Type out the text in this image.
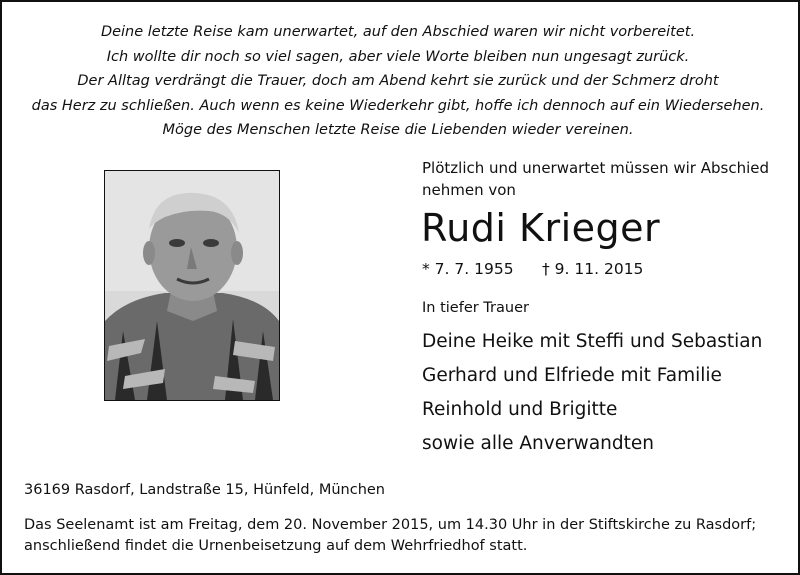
Deine letzte Reise kam unerwartet, auf den Abschied waren wir nicht vorbereitet.
Ich wollte dir noch so viel sagen, aber viele Worte bleiben nun ungesagt zurück.
Der Alltag verdrängt die Trauer, doch am Abend kehrt sie zurück und der Schmerz droht
das Herz zu schließen. Auch wenn es keine Wiederkehr gibt, hoffe ich dennoch auf ein Wiedersehen.
Möge des Menschen letzte Reise die Liebenden wieder vereinen.
Plötzlich und unerwartet müssen wir Abschied nehmen von
Rudi Krieger
* 7. 7. 1955 † 9. 11. 2015
In tiefer Trauer
Deine Heike mit Steffi und Sebastian
Gerhard und Elfriede mit Familie
Reinhold und Brigitte
sowie alle Anverwandten
36169 Rasdorf, Landstraße 15, Hünfeld, München
Das Seelenamt ist am Freitag, dem 20. November 2015, um 14.30 Uhr in der Stiftskirche zu Rasdorf;
anschließend findet die Urnenbeisetzung auf dem Wehrfriedhof statt.
